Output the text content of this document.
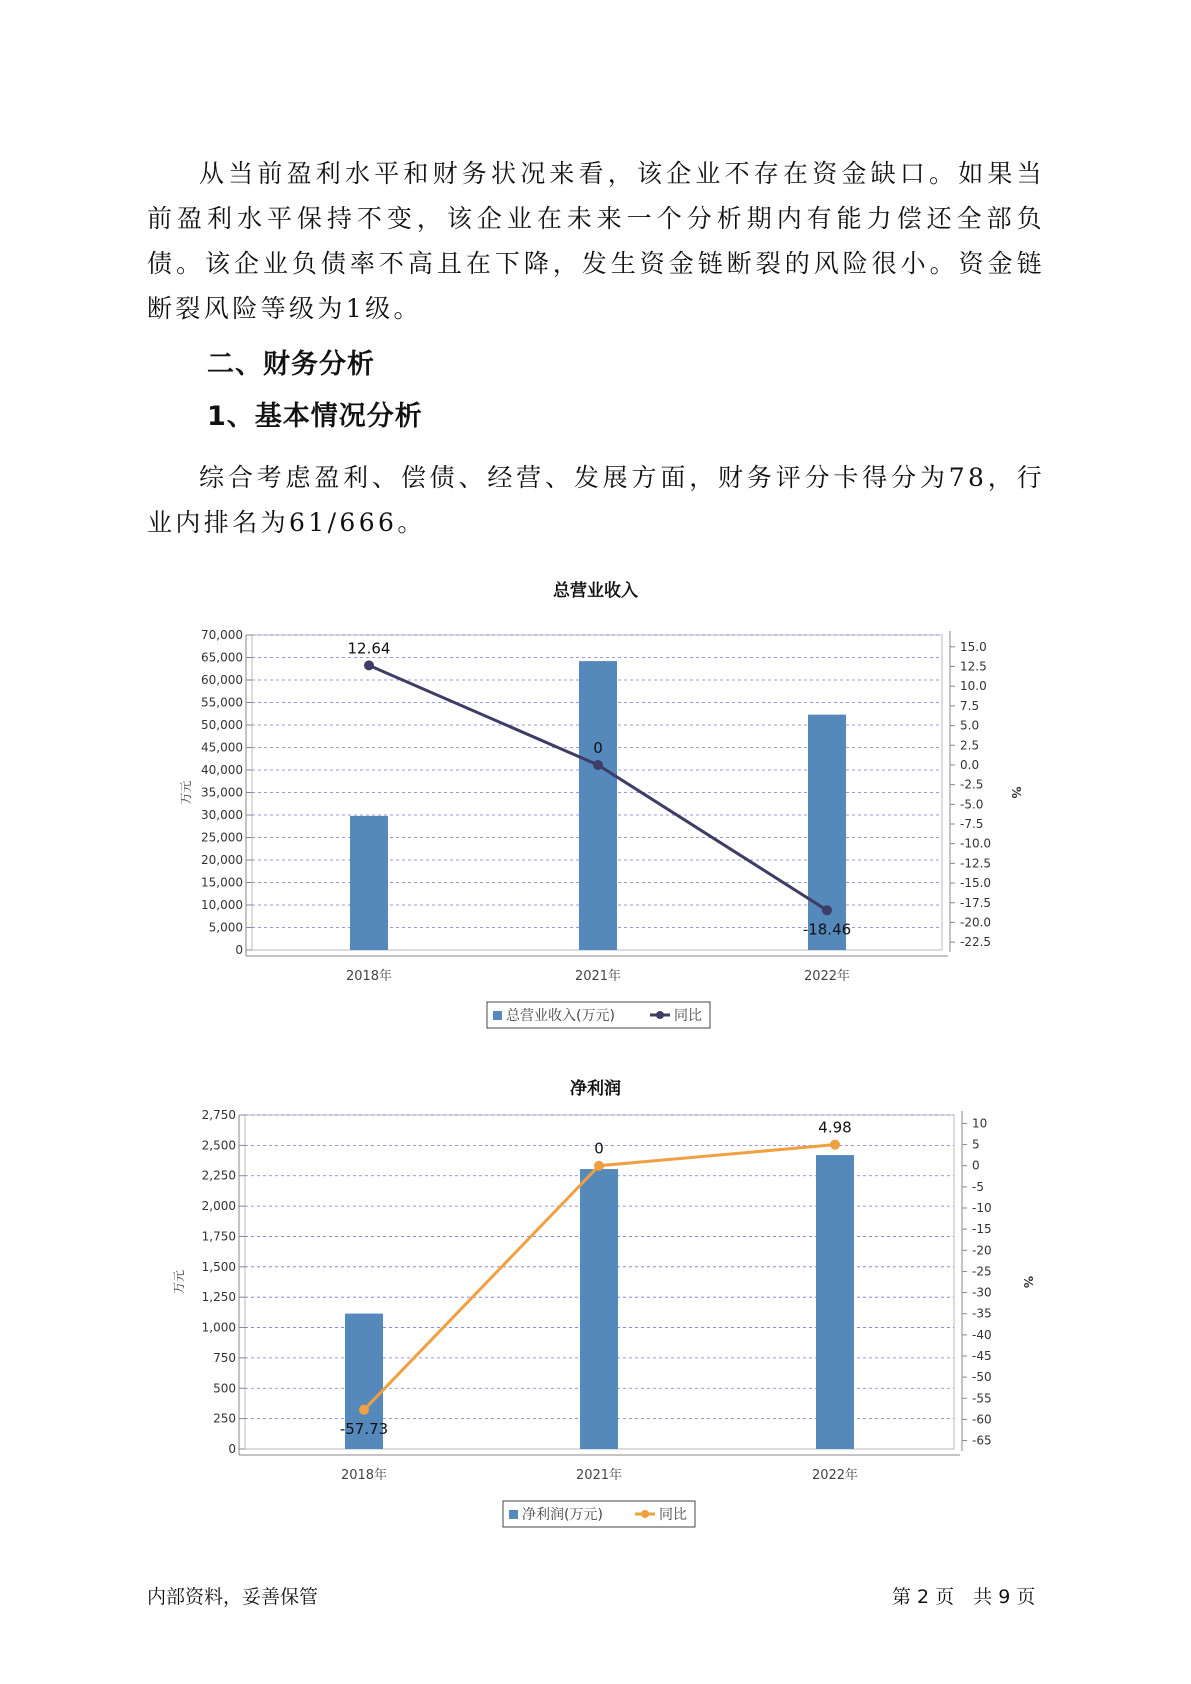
从当前盈利水平和财务状况来看，该企业不存在资金缺口。如果当前盈利水平保持不变，该企业在未来一个分析期内有能力偿还全部负债。该企业负债率不高且在下降，发生资金链断裂的风险很小。资金链断裂风险等级为1级。

二、财务分析
1、基本情况分析

综合考虑盈利、偿债、经营、发展方面，财务评分卡得分为78，行业内排名为61/666。

总营业收入
0
5,000
10,000
15,000
20,000
25,000
30,000
35,000
40,000
45,000
50,000
55,000
60,000
65,000
70,000
万元
15.0
12.5
10.0
7.5
5.0
2.5
0.0
-2.5
-5.0
-7.5
-10.0
-12.5
-15.0
-17.5
-20.0
-22.5
%
2018年	2021年	2022年
12.64
0
-18.46
总营业收入(万元)	同比
净利润
0
250
500
750
1,000
1,250
1,500
1,750
2,000
2,250
2,500
2,750
万元
10
5
0
-5
-10
-15
-20
-25
-30
-35
-40
-45
-50
-55
-60
-65
%
2018年	2021年	2022年
-57.73
0
4.98
净利润(万元)	同比
内部资料，妥善保管	第 2 页　共 9 页
